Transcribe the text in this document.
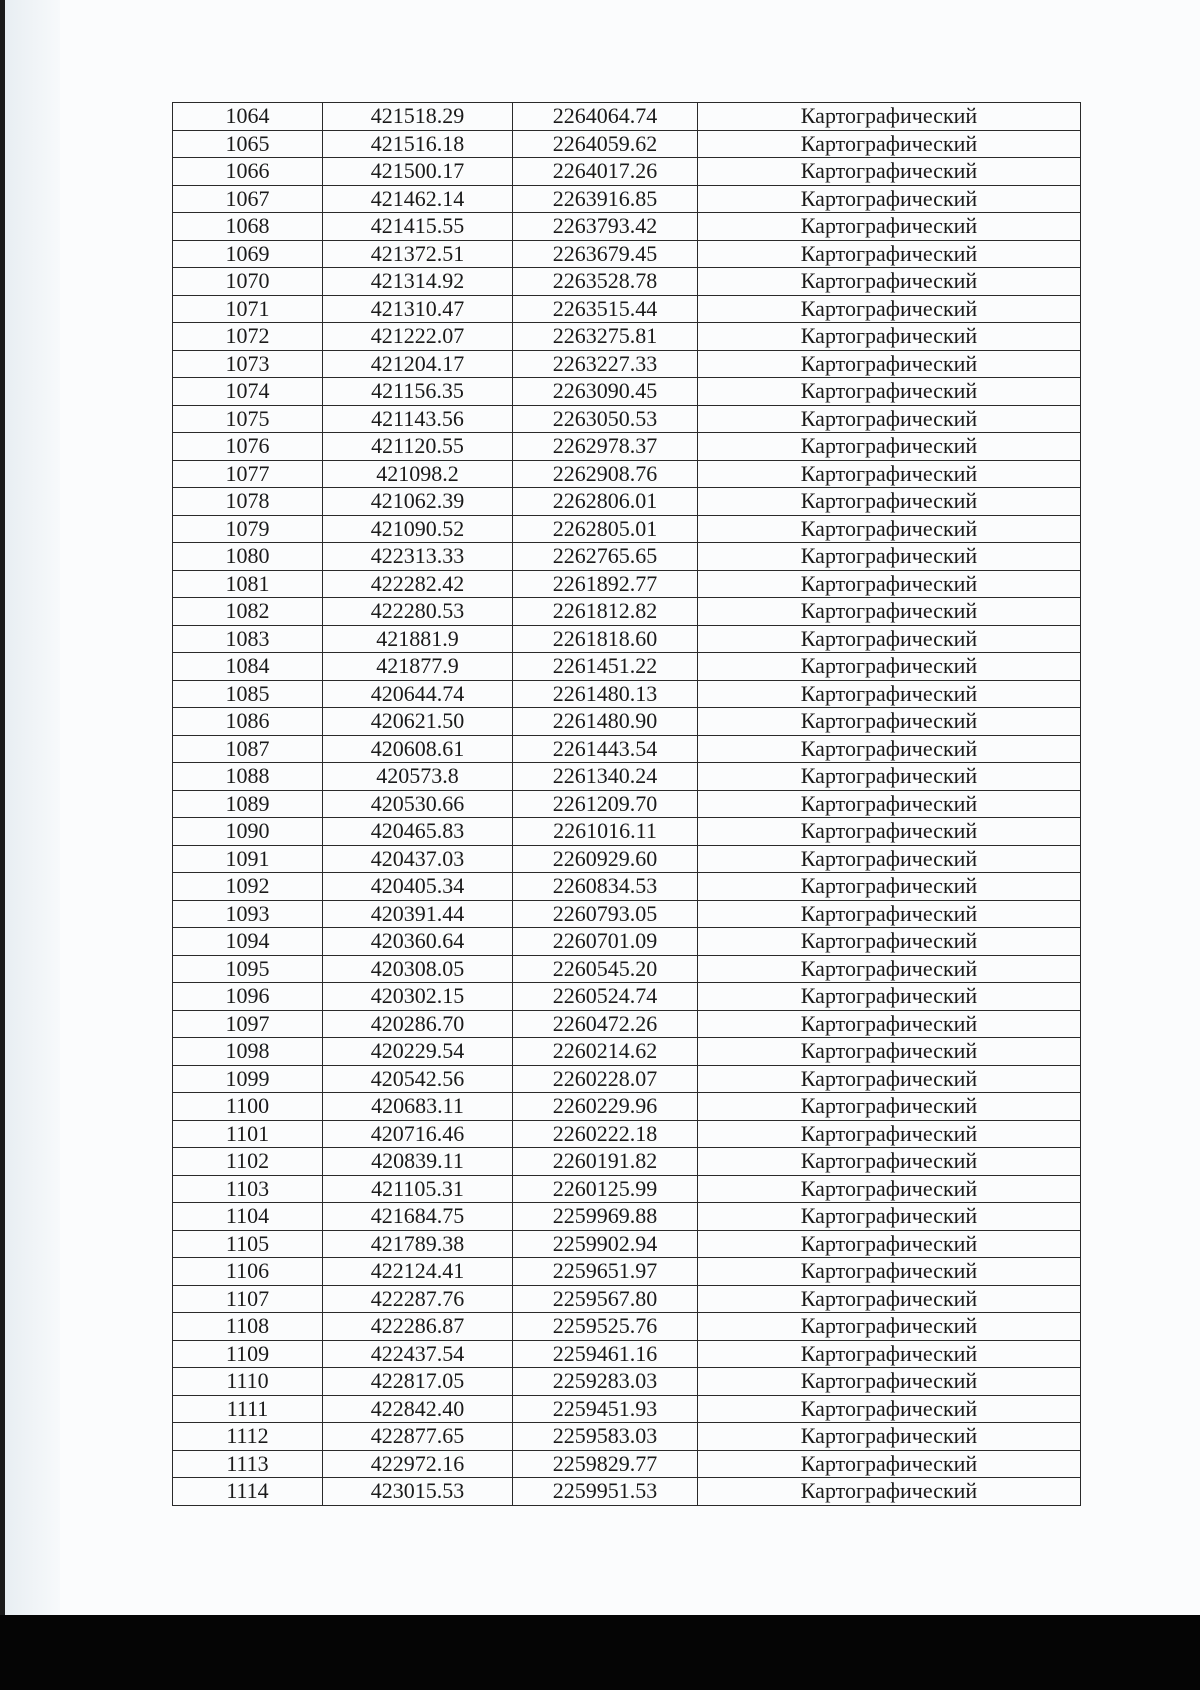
1064	421518.29	2264064.74	Картографический
1065	421516.18	2264059.62	Картографический
1066	421500.17	2264017.26	Картографический
1067	421462.14	2263916.85	Картографический
1068	421415.55	2263793.42	Картографический
1069	421372.51	2263679.45	Картографический
1070	421314.92	2263528.78	Картографический
1071	421310.47	2263515.44	Картографический
1072	421222.07	2263275.81	Картографический
1073	421204.17	2263227.33	Картографический
1074	421156.35	2263090.45	Картографический
1075	421143.56	2263050.53	Картографический
1076	421120.55	2262978.37	Картографический
1077	421098.2	2262908.76	Картографический
1078	421062.39	2262806.01	Картографический
1079	421090.52	2262805.01	Картографический
1080	422313.33	2262765.65	Картографический
1081	422282.42	2261892.77	Картографический
1082	422280.53	2261812.82	Картографический
1083	421881.9	2261818.60	Картографический
1084	421877.9	2261451.22	Картографический
1085	420644.74	2261480.13	Картографический
1086	420621.50	2261480.90	Картографический
1087	420608.61	2261443.54	Картографический
1088	420573.8	2261340.24	Картографический
1089	420530.66	2261209.70	Картографический
1090	420465.83	2261016.11	Картографический
1091	420437.03	2260929.60	Картографический
1092	420405.34	2260834.53	Картографический
1093	420391.44	2260793.05	Картографический
1094	420360.64	2260701.09	Картографический
1095	420308.05	2260545.20	Картографический
1096	420302.15	2260524.74	Картографический
1097	420286.70	2260472.26	Картографический
1098	420229.54	2260214.62	Картографический
1099	420542.56	2260228.07	Картографический
1100	420683.11	2260229.96	Картографический
1101	420716.46	2260222.18	Картографический
1102	420839.11	2260191.82	Картографический
1103	421105.31	2260125.99	Картографический
1104	421684.75	2259969.88	Картографический
1105	421789.38	2259902.94	Картографический
1106	422124.41	2259651.97	Картографический
1107	422287.76	2259567.80	Картографический
1108	422286.87	2259525.76	Картографический
1109	422437.54	2259461.16	Картографический
1110	422817.05	2259283.03	Картографический
1111	422842.40	2259451.93	Картографический
1112	422877.65	2259583.03	Картографический
1113	422972.16	2259829.77	Картографический
1114	423015.53	2259951.53	Картографический
